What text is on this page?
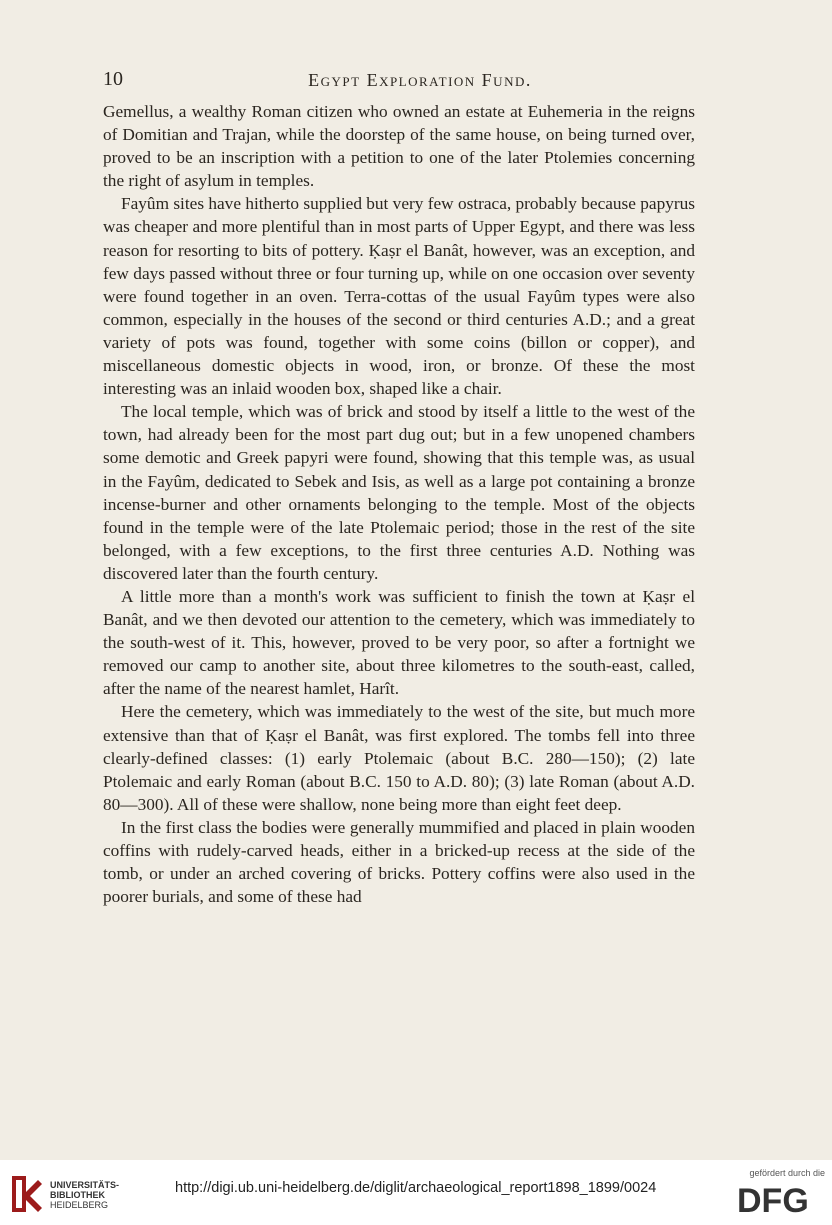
10	Egypt Exploration Fund.

Gemellus, a wealthy Roman citizen who owned an estate at Euhemeria in the reigns of Domitian and Trajan, while the doorstep of the same house, on being turned over, proved to be an inscription with a petition to one of the later Ptolemies concerning the right of asylum in temples.

Fayûm sites have hitherto supplied but very few ostraca, probably because papyrus was cheaper and more plentiful than in most parts of Upper Egypt, and there was less reason for resorting to bits of pottery. Ḳaṣr el Banât, however, was an exception, and few days passed without three or four turning up, while on one occasion over seventy were found together in an oven. Terra-cottas of the usual Fayûm types were also common, especially in the houses of the second or third centuries A.D.; and a great variety of pots was found, together with some coins (billon or copper), and miscellaneous domestic objects in wood, iron, or bronze. Of these the most interesting was an inlaid wooden box, shaped like a chair.

The local temple, which was of brick and stood by itself a little to the west of the town, had already been for the most part dug out; but in a few unopened chambers some demotic and Greek papyri were found, showing that this temple was, as usual in the Fayûm, dedicated to Sebek and Isis, as well as a large pot containing a bronze incense-burner and other ornaments belonging to the temple. Most of the objects found in the temple were of the late Ptolemaic period; those in the rest of the site belonged, with a few exceptions, to the first three centuries A.D. Nothing was discovered later than the fourth century.

A little more than a month's work was sufficient to finish the town at Ḳaṣr el Banât, and we then devoted our attention to the cemetery, which was immediately to the south-west of it. This, however, proved to be very poor, so after a fortnight we removed our camp to another site, about three kilometres to the south-east, called, after the name of the nearest hamlet, Harît.

Here the cemetery, which was immediately to the west of the site, but much more extensive than that of Ḳaṣr el Banât, was first explored. The tombs fell into three clearly-defined classes: (1) early Ptolemaic (about B.C. 280—150); (2) late Ptolemaic and early Roman (about B.C. 150 to A.D. 80); (3) late Roman (about A.D. 80—300). All of these were shallow, none being more than eight feet deep.

In the first class the bodies were generally mummified and placed in plain wooden coffins with rudely-carved heads, either in a bricked-up recess at the side of the tomb, or under an arched covering of bricks. Pottery coffins were also used in the poorer burials, and some of these had

UNIVERSITÄTS-
BIBLIOTHEK
HEIDELBERG
http://digi.ub.uni-heidelberg.de/diglit/archaeological_report1898_1899/0024
gefördert durch die
DFG
